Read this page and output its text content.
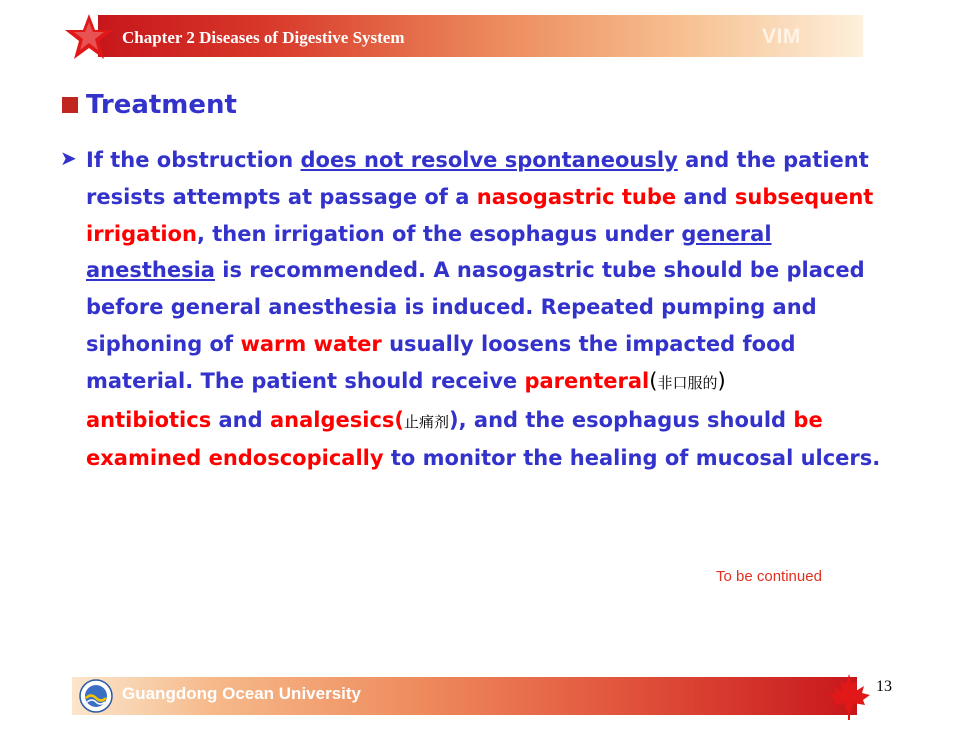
Chapter 2 Diseases of Digestive System	VIM
Treatment
➤ If the obstruction does not resolve spontaneously and the patient resists attempts at passage of a nasogastric tube and subsequent irrigation, then irrigation of the esophagus under general anesthesia is recommended. A nasogastric tube should be placed before general anesthesia is induced. Repeated pumping and siphoning of warm water usually loosens the impacted food material. The patient should receive parenteral(非口服的)
antibiotics and analgesics(止痛剂), and the esophagus should be examined endoscopically to monitor the healing of mucosal ulcers.

To be continued
Guangdong Ocean University	13
